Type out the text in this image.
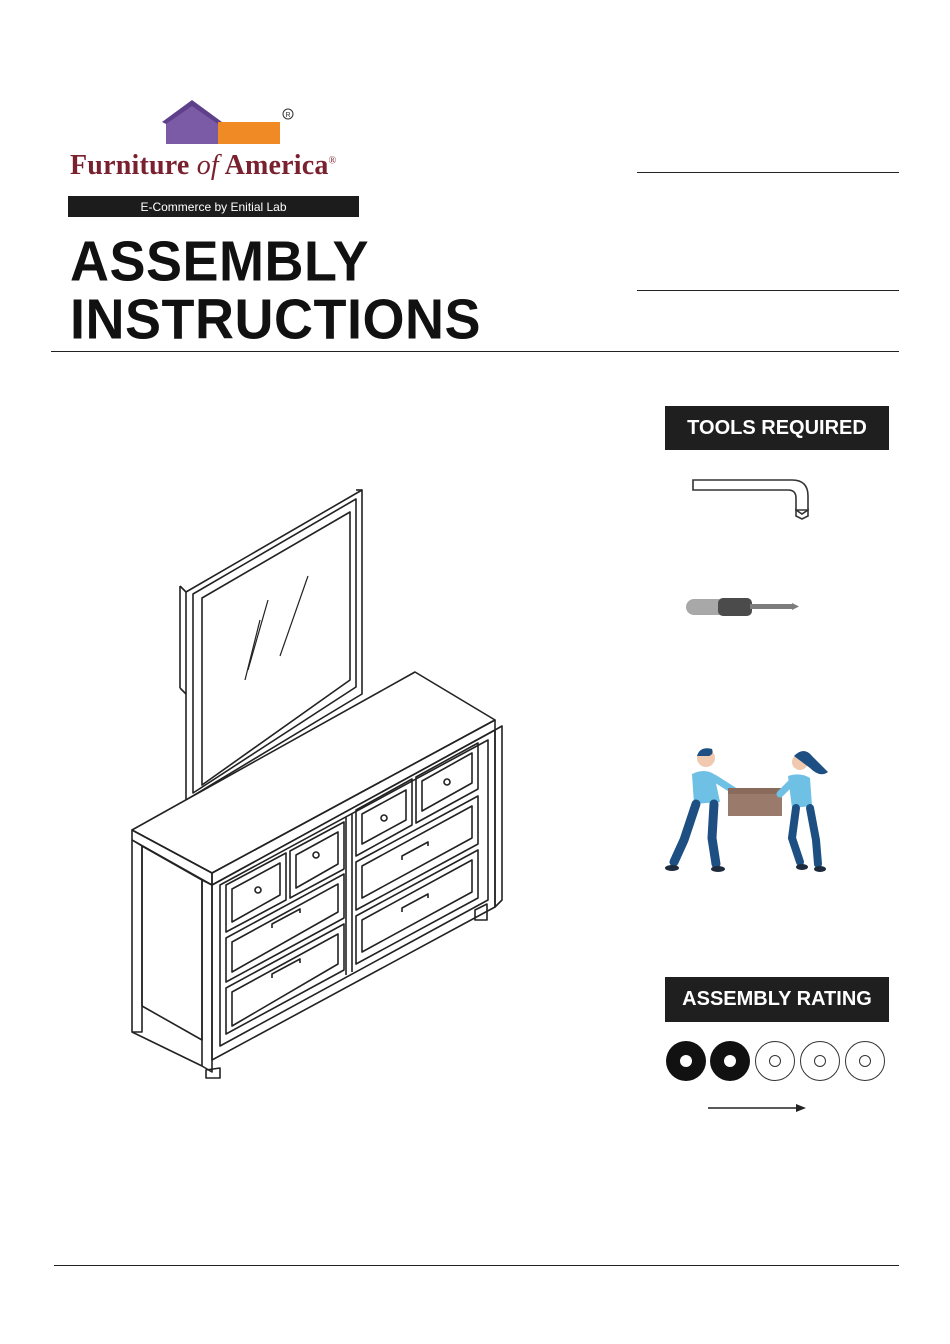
R
Furniture of America®
E-Commerce by Enitial Lab
ASSEMBLY
INSTRUCTIONS
TOOLS REQUIRED
ASSEMBLY RATING
